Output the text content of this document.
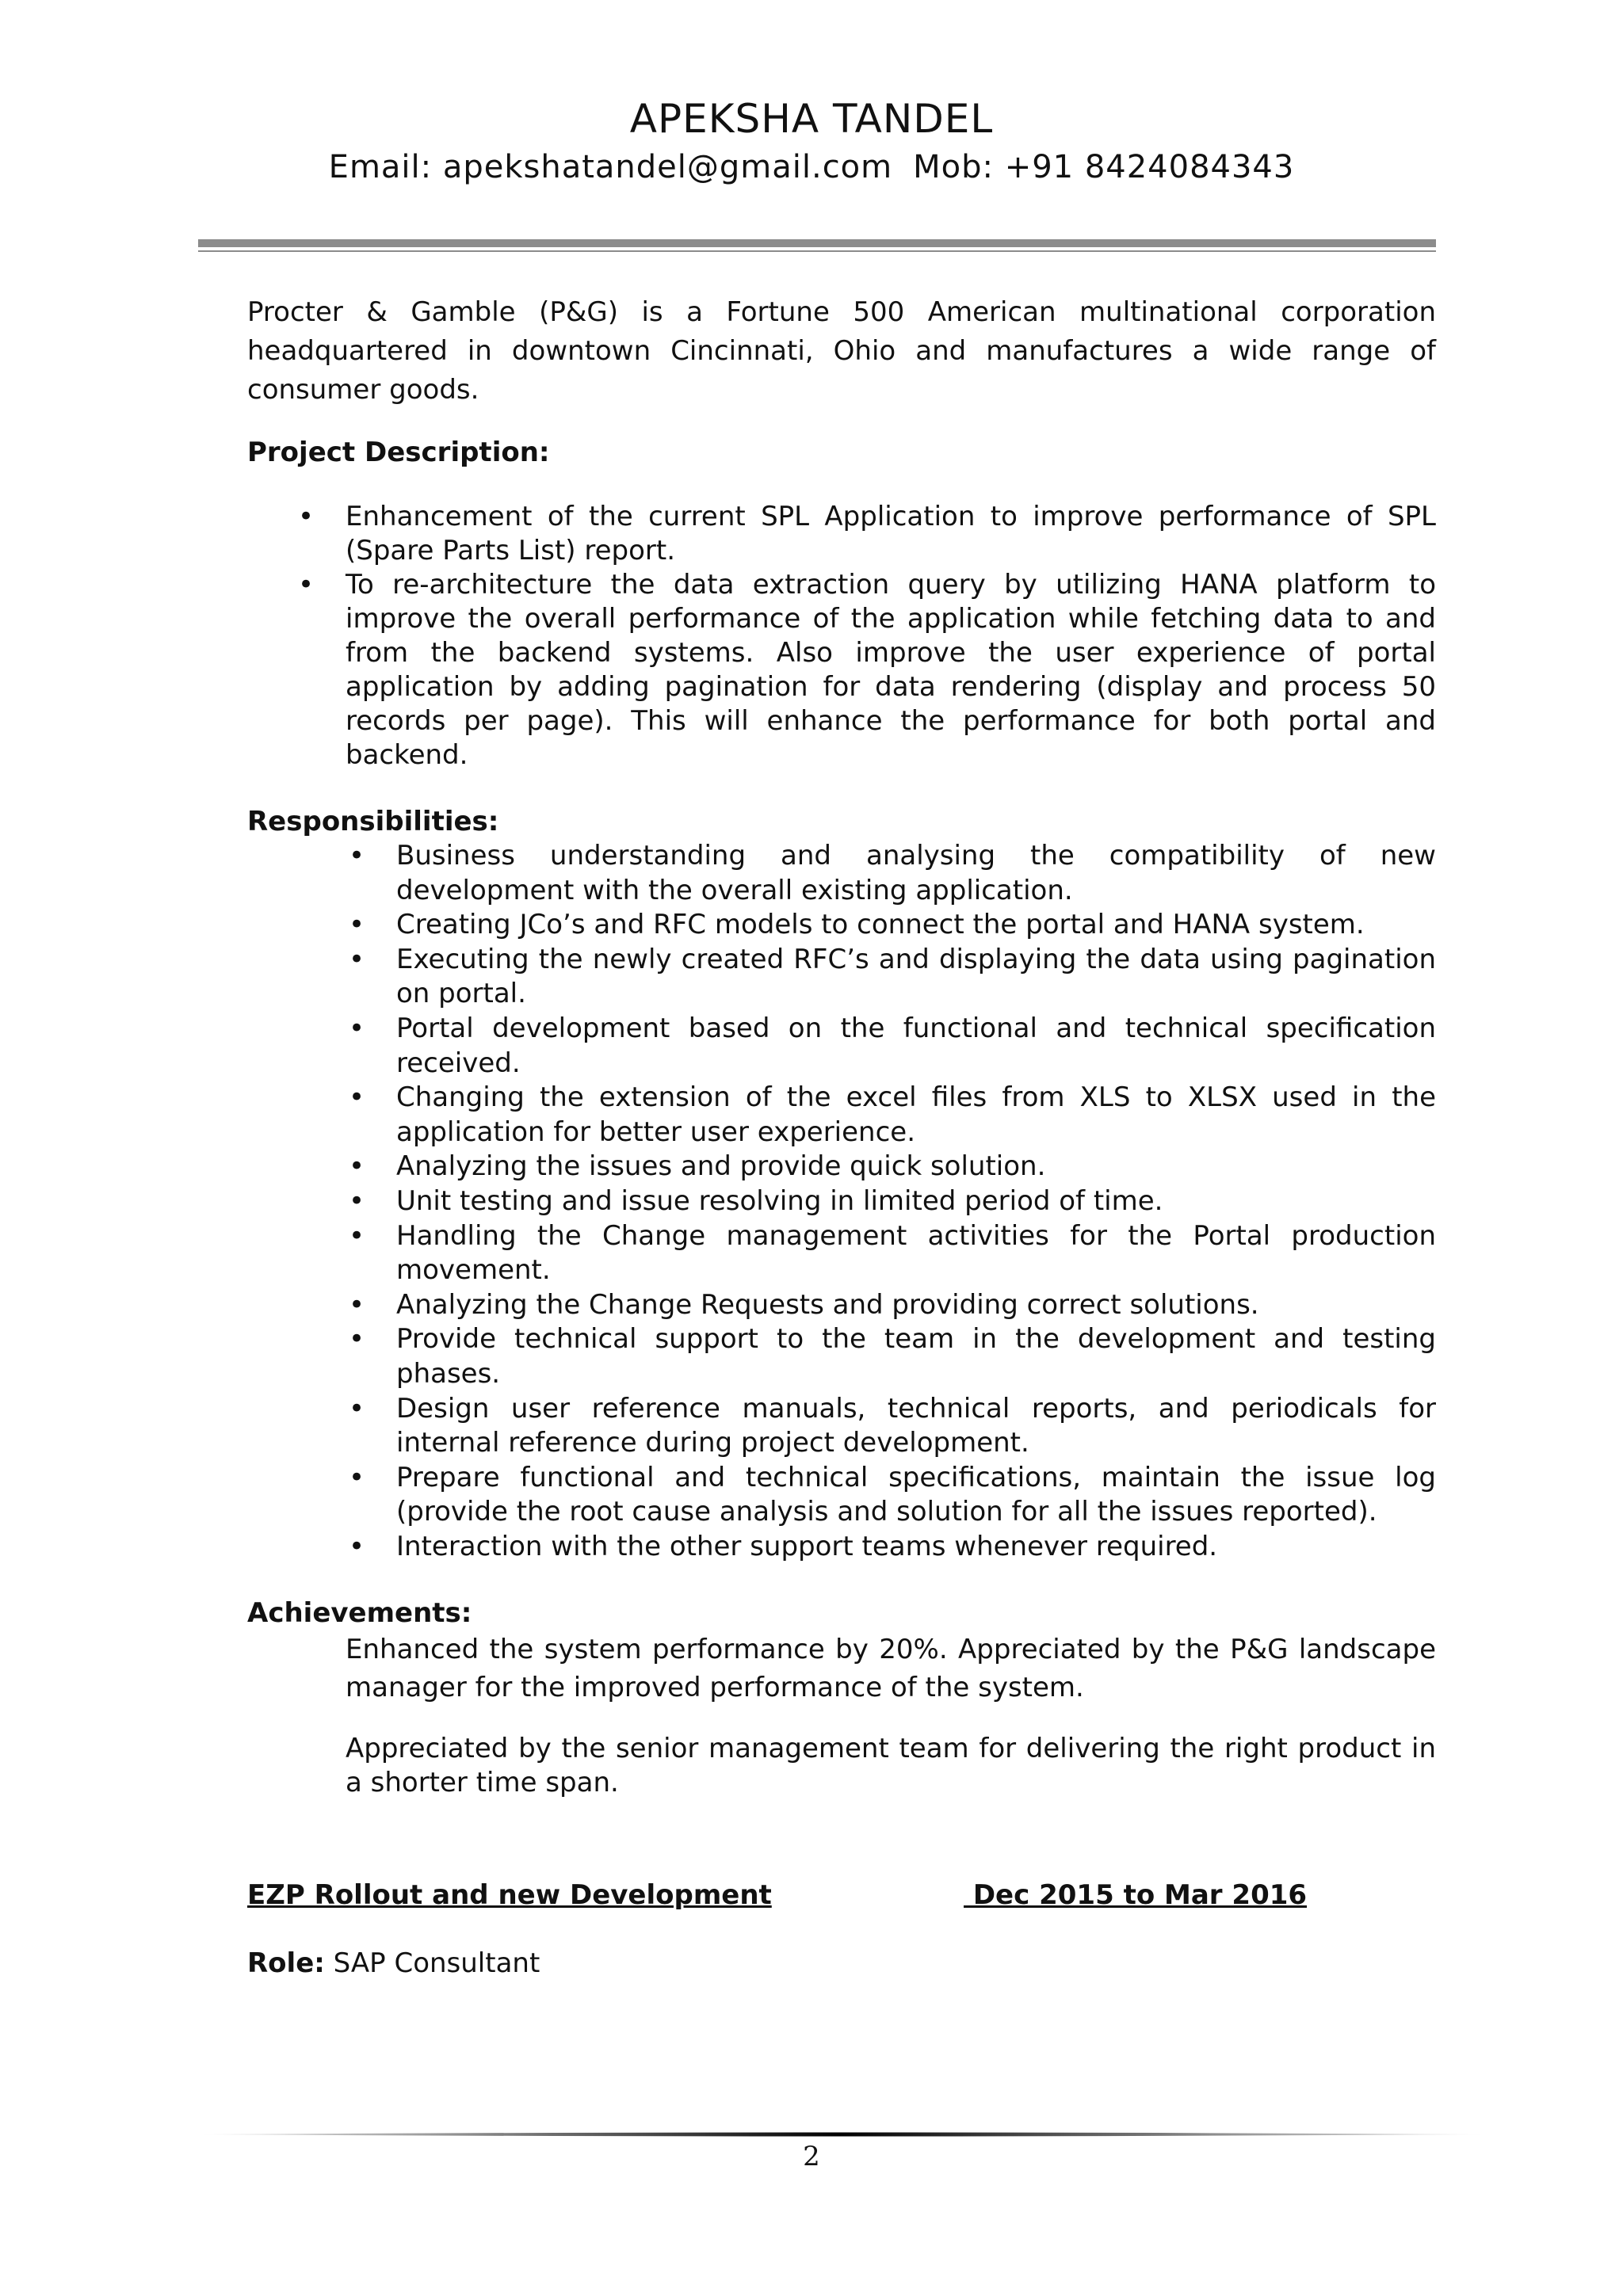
APEKSHA TANDEL
Email: apekshatandel@gmail.com Mob: +91 8424084343

Procter & Gamble (P&G) is a Fortune 500 American multinational corporation headquartered in downtown Cincinnati, Ohio and manufactures a wide range of consumer goods.

Project Description:

• Enhancement of the current SPL Application to improve performance of SPL (Spare Parts List) report.
• To re-architecture the data extraction query by utilizing HANA platform to improve the overall performance of the application while fetching data to and from the backend systems. Also improve the user experience of portal application by adding pagination for data rendering (display and process 50 records per page). This will enhance the performance for both portal and backend.

Responsibilities:

• Business understanding and analysing the compatibility of new development with the overall existing application.
• Creating JCo’s and RFC models to connect the portal and HANA system.
• Executing the newly created RFC’s and displaying the data using pagination on portal.
• Portal development based on the functional and technical specification received.
• Changing the extension of the excel files from XLS to XLSX used in the application for better user experience.
• Analyzing the issues and provide quick solution.
• Unit testing and issue resolving in limited period of time.
• Handling the Change management activities for the Portal production movement.
• Analyzing the Change Requests and providing correct solutions.
• Provide technical support to the team in the development and testing phases.
• Design user reference manuals, technical reports, and periodicals for internal reference during project development.
• Prepare functional and technical specifications, maintain the issue log (provide the root cause analysis and solution for all the issues reported).
• Interaction with the other support teams whenever required.

Achievements:

Enhanced the system performance by 20%. Appreciated by the P&G landscape manager for the improved performance of the system.

Appreciated by the senior management team for delivering the right product in a shorter time span.

EZP Rollout and new Development	Dec 2015 to Mar 2016
Role: SAP Consultant
2
